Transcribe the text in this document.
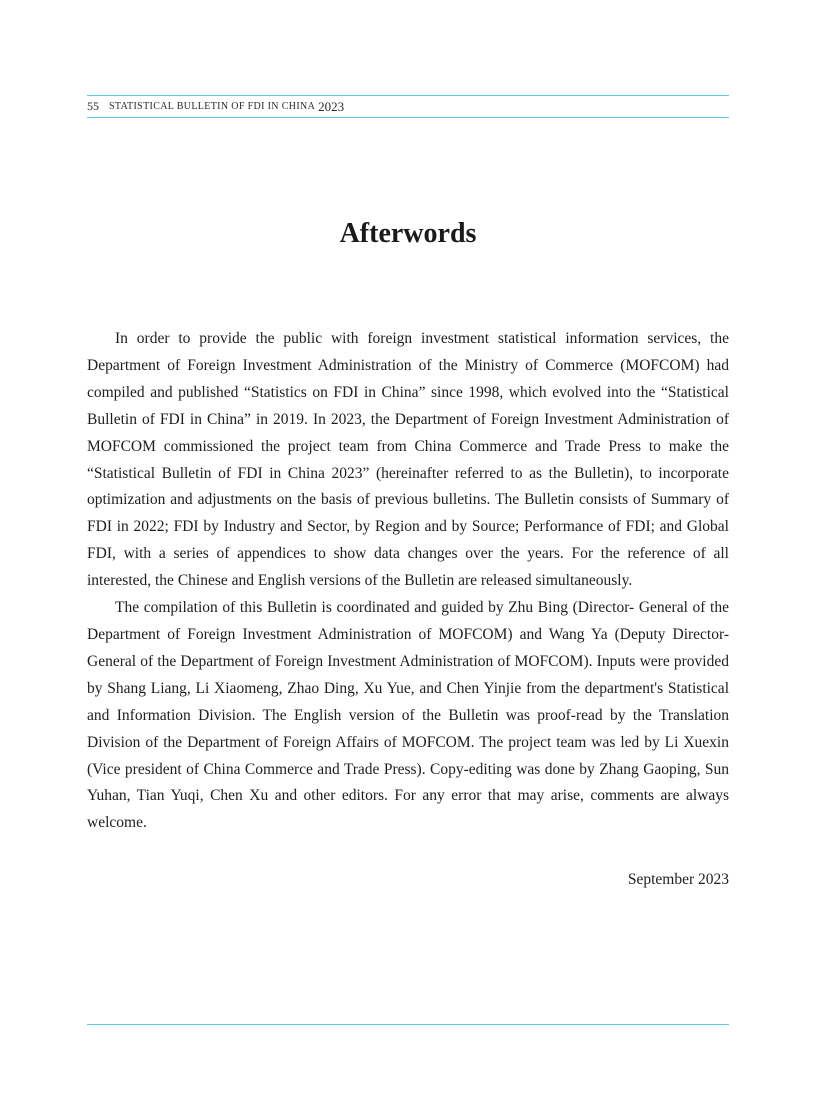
55 STATISTICAL BULLETIN OF FDI IN CHINA 2023
Afterwords

In order to provide the public with foreign investment statistical information services, the Department of Foreign Investment Administration of the Ministry of Commerce (MOFCOM) had compiled and published “Statistics on FDI in China” since 1998, which evolved into the “Statistical Bulletin of FDI in China” in 2019. In 2023, the Department of Foreign Investment Administration of MOFCOM commissioned the project team from China Commerce and Trade Press to make the “Statistical Bulletin of FDI in China 2023” (hereinafter referred to as the Bulletin), to incorporate optimization and adjustments on the basis of previous bulletins. The Bulletin consists of Summary of FDI in 2022; FDI by Industry and Sector, by Region and by Source; Performance of FDI; and Global FDI, with a series of appendices to show data changes over the years. For the reference of all interested, the Chinese and English versions of the Bulletin are released simultaneously.

The compilation of this Bulletin is coordinated and guided by Zhu Bing (Director- General of the Department of Foreign Investment Administration of MOFCOM) and Wang Ya (Deputy Director-General of the Department of Foreign Investment Administration of MOFCOM). Inputs were provided by Shang Liang, Li Xiaomeng, Zhao Ding, Xu Yue, and Chen Yinjie from the department's Statistical and Information Division. The English version of the Bulletin was proof-read by the Translation Division of the Department of Foreign Affairs of MOFCOM. The project team was led by Li Xuexin (Vice president of China Commerce and Trade Press). Copy-editing was done by Zhang Gaoping, Sun Yuhan, Tian Yuqi, Chen Xu and other editors. For any error that may arise, comments are always welcome.

September 2023
